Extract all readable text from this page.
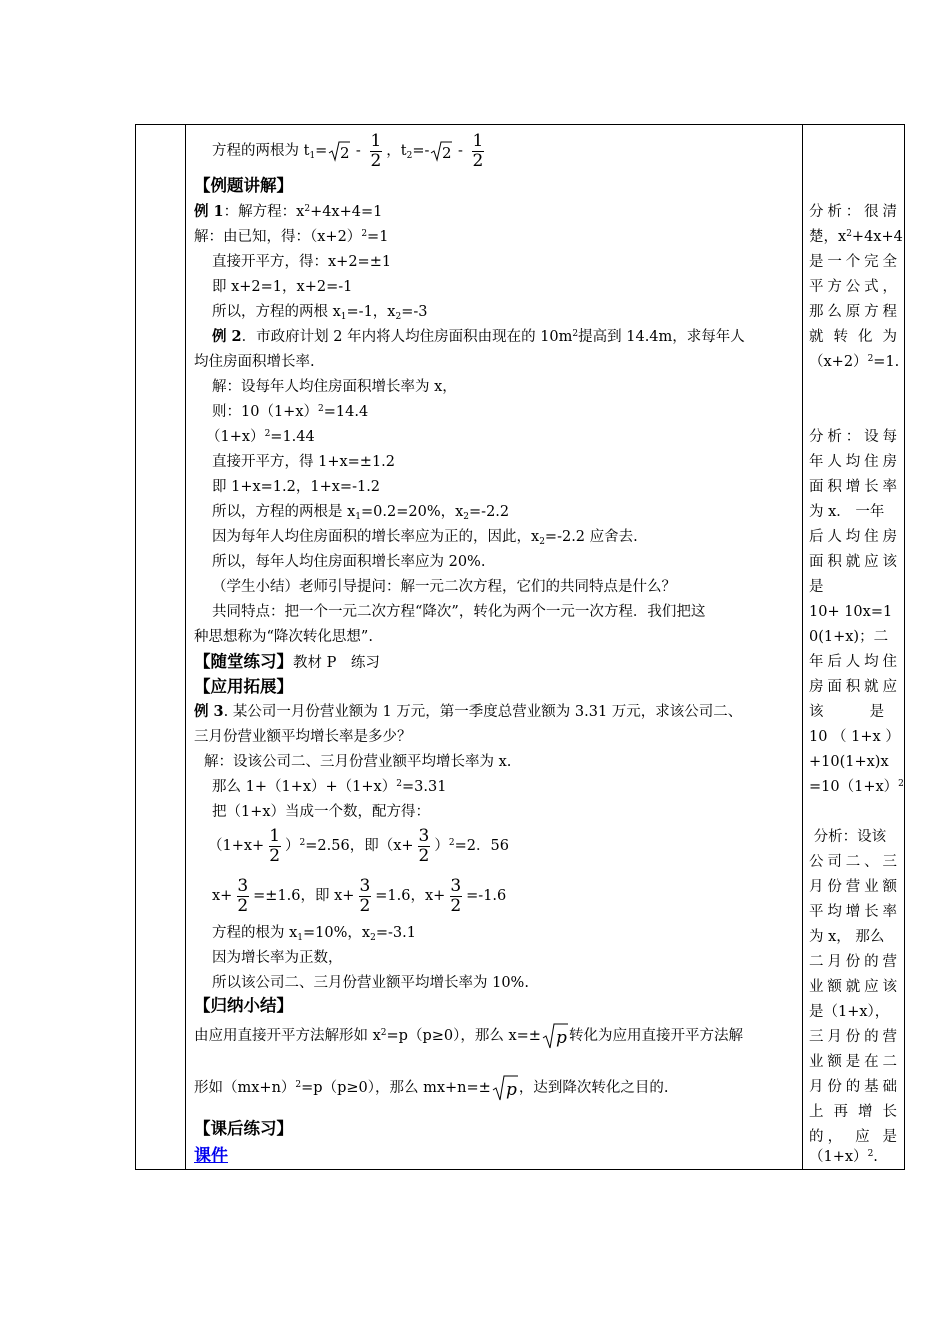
方程的两根为 $t_1= 2 - \frac{1}{2}$ ，$t_2=-$ $2 - \frac{1}{2}$
【例题讲解】
例 1：解方程：$x^2+4x+4=1$
解：由已知，得：$(x+2)^2=1$
直接开平方，得：x+2=±1
即 x+2=1，x+2=-1
所以，方程的两根 $x_1=-1$，$x_2=-3$
例 2．市政府计划 2 年内将人均住房面积由现在的 $10m^2$提高到 14.4m，求每年人
均住房面积增长率.
解：设每年人均住房面积增长率为 x，
则：$10(1+x)^2=14.4$
$(1+x)^2=1.44$
直接开平方，得 1+x=±1.2
即 1+x=1.2，1+x=-1.2
所以，方程的两根是 $x_1=0.2=20\%$，$x_2=-2.2$
因为每年人均住房面积的增长率应为正的，因此，$x_2=-2.2$ 应舍去.
所以，每年人均住房面积增长率应为 20%.
（学生小结）老师引导提问：解一元二次方程，它们的共同特点是什么？
共同特点：把一个一元二次方程“降次”，转化为两个一元一次方程．我们把这
种思想称为“降次转化思想”.
【随堂练习】教材 P　练习
【应用拓展】
例 3. 某公司一月份营业额为 1 万元，第一季度总营业额为 3.31 万元，求该公司二、
三月份营业额平均增长率是多少？
解：设该公司二、三月份营业额平均增长率为 x.
那么 $1+(1+x)+(1+x)^2=3.31$
把（1+x）当成一个数，配方得：
$(1+x+ \frac{1}{2} )^2=2.56$，即$(x+ \frac{3}{2} )^2=2$．56
$x+ \frac{3}{2} =\pm 1.6$，即 $x+ \frac{3}{2} =1.6$，$x+ \frac{3}{2} =-1.6$
方程的根为 $x_1=10\%$，$x_2=-3.1$
因为增长率为正数，
所以该公司二、三月份营业额平均增长率为 10%.
【归纳小结】
由应用直接开平方法解形如 $x^2=p(p\ge 0)$，那么 x=± p 转化为应用直接开平方法解
形如$(mx+n)^2=p(p\ge 0)$，那么 mx+n=± p ，达到降次转化之目的.
【课后练习】
课件

分析：很清
楚，$x^2+4x+4$
是一个完全
平方公式，
那么原方程
就 转 化 为
$(x+2)^2=1$.
分析：设每
年人均住房
面积增长率
为 x． 一年
后人均住房
面积就应该
是
10+ 10x=1
0(1+x)；二
年后人均住
房面积就应
该          是
10 （ 1+x ）
+10(1+x)x
$=10(1+x)^2$
分析：设该
公司二、三
月份营业额
平均增长率
为 x， 那么
二月份的营
业额就应该
是（1+x），
三月份的营
业额是在二
月份的基础
上 再 增 长
的， 应 是
$(1+x)^2$.
